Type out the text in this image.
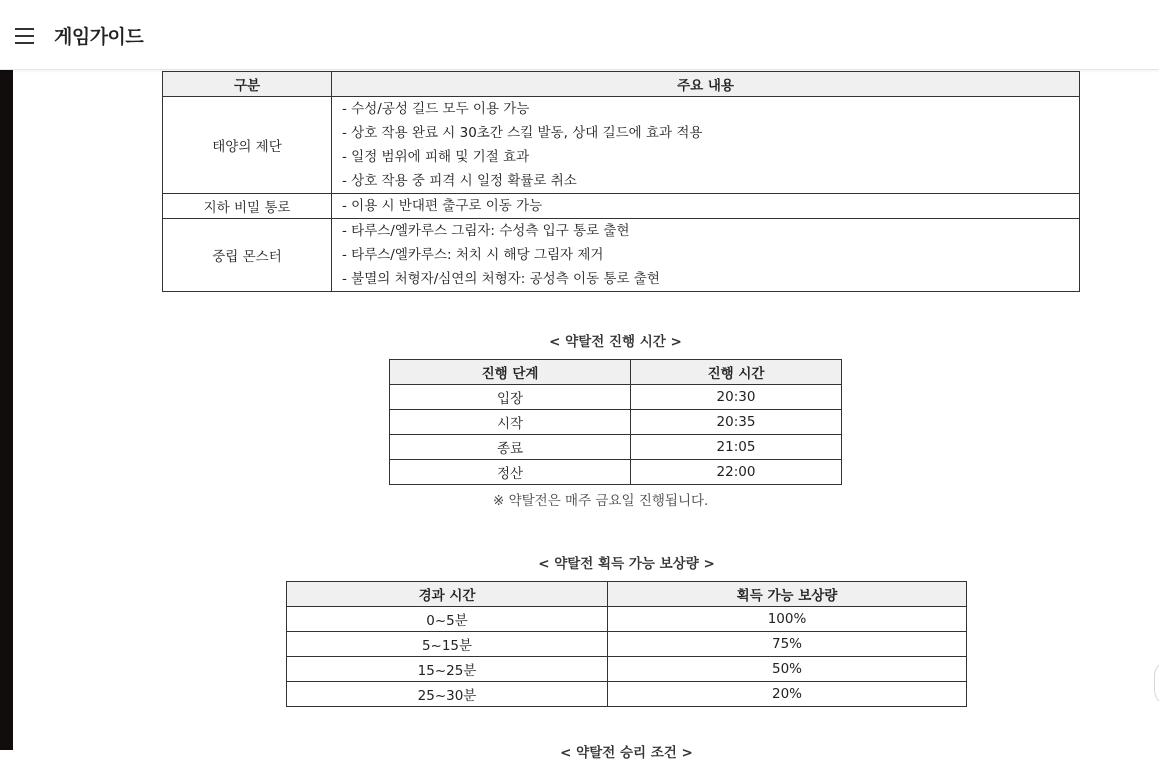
게임가이드
구분	주요 내용
태양의 제단	- 수성/공성 길드 모두 이용 가능
- 상호 작용 완료 시 30초간 스킬 발동, 상대 길드에 효과 적용
- 일정 범위에 피해 및 기절 효과
- 상호 작용 중 피격 시 일정 확률로 취소

지하 비밀 통로	- 이용 시 반대편 출구로 이동 가능

중립 몬스터	- 타루스/엘카루스 그림자: 수성측 입구 통로 출현
- 타루스/엘카루스: 처치 시 해당 그림자 제거
- 불멸의 처형자/심연의 처형자: 공성측 이동 통로 출현
< 약탈전 진행 시간 >
진행 단계	진행 시간
입장	20:30
시작	20:35
종료	21:05
정산	22:00
※ 약탈전은 매주 금요일 진행됩니다.
< 약탈전 획득 가능 보상량 >
경과 시간	획득 가능 보상량
0~5분	100%
5~15분	75%
15~25분	50%
25~30분	20%
< 약탈전 승리 조건 >
